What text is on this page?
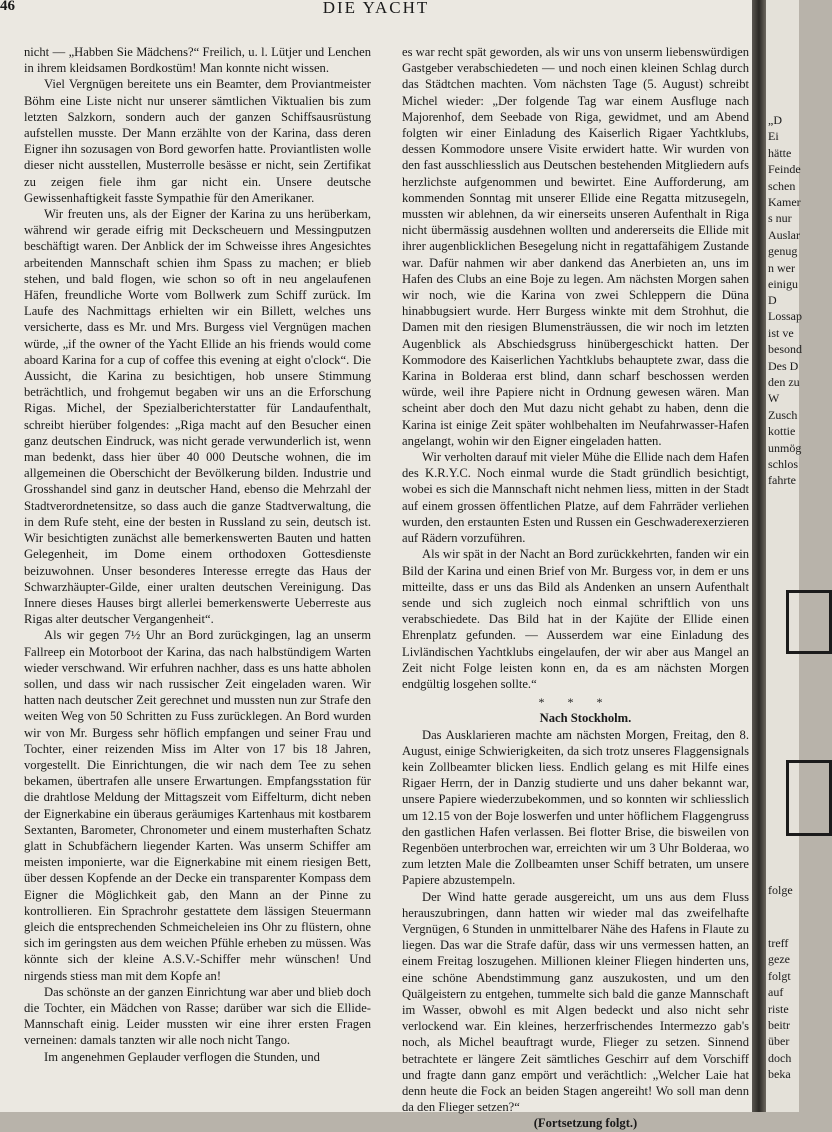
46	DIE YACHT

nicht — „Habben Sie Mädchens?“ Freilich, u. l. Lütjer und Lenchen in ihrem kleidsamen Bordkostüm! Man konnte nicht wissen.

Viel Vergnügen bereitete uns ein Beamter, dem Proviantmeister Böhm eine Liste nicht nur unserer sämtlichen Viktualien bis zum letzten Salzkorn, sondern auch der ganzen Schiffsausrüstung aufstellen musste. Der Mann erzählte von der Karina, dass deren Eigner ihn sozusagen von Bord geworfen hatte. Proviantlisten wolle dieser nicht ausstellen, Musterrolle besässe er nicht, sein Zertifikat zu zeigen fiele ihm gar nicht ein. Unsere deutsche Gewissenhaftigkeit fasste Sympathie für den Amerikaner.

Wir freuten uns, als der Eigner der Karina zu uns herüberkam, während wir gerade eifrig mit Deckscheuern und Messingputzen beschäftigt waren. Der Anblick der im Schweisse ihres Angesichtes arbeitenden Mannschaft schien ihm Spass zu machen; er blieb stehen, und bald flogen, wie schon so oft in neu angelaufenen Häfen, freundliche Worte vom Bollwerk zum Schiff zurück. Im Laufe des Nachmittags erhielten wir ein Billett, welches uns versicherte, dass es Mr. und Mrs. Burgess viel Vergnügen machen würde, „if the owner of the Yacht Ellide an his friends would come aboard Karina for a cup of coffee this evening at eight o'clock“. Die Aussicht, die Karina zu besichtigen, hob unsere Stimmung beträchtlich, und frohgemut begaben wir uns an die Erforschung Rigas. Michel, der Spezialberichterstatter für Landaufenthalt, schreibt hierüber folgendes: „Riga macht auf den Besucher einen ganz deutschen Eindruck, was nicht gerade verwunderlich ist, wenn man bedenkt, dass hier über 40 000 Deutsche wohnen, die im allgemeinen die Oberschicht der Bevölkerung bilden. Industrie und Grosshandel sind ganz in deutscher Hand, ebenso die Mehrzahl der Stadtverordnetensitze, so dass auch die ganze Stadtverwaltung, die in dem Rufe steht, eine der besten in Russland zu sein, deutsch ist. Wir besichtigten zunächst alle bemerkenswerten Bauten und hatten Gelegenheit, im Dome einem orthodoxen Gottesdienste beizuwohnen. Unser besonderes Interesse erregte das Haus der Schwarzhäupter-Gilde, einer uralten deutschen Vereinigung. Das Innere dieses Hauses birgt allerlei bemerkenswerte Ueberreste aus Rigas alter deutscher Vergangenheit“.

Als wir gegen 7½ Uhr an Bord zurückgingen, lag an unserm Fallreep ein Motorboot der Karina, das nach halbstündigem Warten wieder verschwand. Wir erfuhren nachher, dass es uns hatte abholen sollen, und dass wir nach russischer Zeit eingeladen waren. Wir hatten nach deutscher Zeit gerechnet und mussten nun zur Strafe den weiten Weg von 50 Schritten zu Fuss zurücklegen. An Bord wurden wir von Mr. Burgess sehr höflich empfangen und seiner Frau und Tochter, einer reizenden Miss im Alter von 17 bis 18 Jahren, vorgestellt. Die Einrichtungen, die wir nach dem Tee zu sehen bekamen, übertrafen alle unsere Erwartungen. Empfangsstation für die drahtlose Meldung der Mittagszeit vom Eiffelturm, dicht neben der Eignerkabine ein überaus geräumiges Kartenhaus mit kostbarem Sextanten, Barometer, Chronometer und einem musterhaften Schatz glatt in Schubfächern liegender Karten. Was unserm Schiffer am meisten imponierte, war die Eignerkabine mit einem riesigen Bett, über dessen Kopfende an der Decke ein transparenter Kompass dem Eigner die Möglichkeit gab, den Mann an der Pinne zu kontrollieren. Ein Sprachrohr gestattete dem lässigen Steuermann gleich die entsprechenden Schmeicheleien ins Ohr zu flüstern, ohne sich im geringsten aus dem weichen Pfühle erheben zu müssen. Was könnte sich der kleine A.S.V.-Schiffer mehr wünschen! Und nirgends stiess man mit dem Kopfe an!

Das schönste an der ganzen Einrichtung war aber und blieb doch die Tochter, ein Mädchen von Rasse; darüber war sich die Ellide-Mannschaft einig. Leider mussten wir eine ihrer ersten Fragen verneinen: damals tanzten wir alle noch nicht Tango.

Im angenehmen Geplauder verflogen die Stunden, und

es war recht spät geworden, als wir uns von unserm liebenswürdigen Gastgeber verabschiedeten — und noch einen kleinen Schlag durch das Städtchen machten. Vom nächsten Tage (5. August) schreibt Michel wieder: „Der folgende Tag war einem Ausfluge nach Majorenhof, dem Seebade von Riga, gewidmet, und am Abend folgten wir einer Einladung des Kaiserlich Rigaer Yachtklubs, dessen Kommodore unsere Visite erwidert hatte. Wir wurden von den fast ausschliesslich aus Deutschen bestehenden Mitgliedern aufs herzlichste aufgenommen und bewirtet. Eine Aufforderung, am kommenden Sonntag mit unserer Ellide eine Regatta mitzusegeln, mussten wir ablehnen, da wir einerseits unseren Aufenthalt in Riga nicht übermässig ausdehnen wollten und andererseits die Ellide mit ihrer augenblicklichen Besegelung nicht in regattafähigem Zustande war. Dafür nahmen wir aber dankend das Anerbieten an, uns im Hafen des Clubs an eine Boje zu legen. Am nächsten Morgen sahen wir noch, wie die Karina von zwei Schleppern die Düna hinabbugsiert wurde. Herr Burgess winkte mit dem Strohhut, die Damen mit den riesigen Blumensträussen, die wir noch im letzten Augenblick als Abschiedsgruss hinübergeschickt hatten. Der Kommodore des Kaiserlichen Yachtklubs behauptete zwar, dass die Karina in Bolderaa erst blind, dann scharf beschossen werden würde, weil ihre Papiere nicht in Ordnung gewesen wären. Man scheint aber doch den Mut dazu nicht gehabt zu haben, denn die Karina ist einige Zeit später wohlbehalten im Neufahrwasser-Hafen angelangt, wohin wir den Eigner eingeladen hatten.

Wir verholten darauf mit vieler Mühe die Ellide nach dem Hafen des K.R.Y.C. Noch einmal wurde die Stadt gründlich besichtigt, wobei es sich die Mannschaft nicht nehmen liess, mitten in der Stadt auf einem grossen öffentlichen Platze, auf dem Fahrräder verliehen wurden, den erstaunten Esten und Russen ein Geschwaderexerzieren auf Rädern vorzuführen.

Als wir spät in der Nacht an Bord zurückkehrten, fanden wir ein Bild der Karina und einen Brief von Mr. Burgess vor, in dem er uns mitteilte, dass er uns das Bild als Andenken an unsern Aufenthalt sende und sich zugleich noch einmal schriftlich von uns verabschiedete. Das Bild hat in der Kajüte der Ellide einen Ehrenplatz gefunden. — Ausserdem war eine Einladung des Livländischen Yachtklubs eingelaufen, der wir aber aus Mangel an Zeit nicht Folge leisten konn en, da es am nächsten Morgen endgültig losgehen sollte.“

* * *

Nach Stockholm.

Das Ausklarieren machte am nächsten Morgen, Freitag, den 8. August, einige Schwierigkeiten, da sich trotz unseres Flaggensignals kein Zollbeamter blicken liess. Endlich gelang es mit Hilfe eines Rigaer Herrn, der in Danzig studierte und uns daher bekannt war, unsere Papiere wiederzubekommen, und so konnten wir schliesslich um 12.15 von der Boje loswerfen und unter höflichem Flaggengruss den gastlichen Hafen verlassen. Bei flotter Brise, die bisweilen von Regenböen unterbrochen war, erreichten wir um 3 Uhr Bolderaa, wo zum letzten Male die Zollbeamten unser Schiff betraten, um unsere Papiere abzustempeln.

Der Wind hatte gerade ausgereicht, um uns aus dem Fluss herauszubringen, dann hatten wir wieder mal das zweifelhafte Vergnügen, 6 Stunden in unmittelbarer Nähe des Hafens in Flaute zu liegen. Das war die Strafe dafür, dass wir uns vermessen hatten, an einem Freitag loszugehen. Millionen kleiner Fliegen hinderten uns, eine schöne Abendstimmung ganz auszukosten, und um den Quälgeistern zu entgehen, tummelte sich bald die ganze Mannschaft im Wasser, obwohl es mit Algen bedeckt und also nicht sehr verlockend war. Ein kleines, herzerfrischendes Intermezzo gab's noch, als Michel beauftragt wurde, Flieger zu setzen. Sinnend betrachtete er längere Zeit sämtliches Geschirr auf dem Vorschiff und fragte dann ganz empört und verächtlich: „Welcher Laie hat denn heute die Fock an beiden Stagen angereiht! Wo soll man denn da den Flieger setzen?“

(Fortsetzung folgt.)

„D
Ei
hätte
Feinde
schen
Kamer
s nur
Auslar
genug
n wer
einigu
D
Lossap
ist ve
besond
Des D
den zu
W
Zusch
kottie
unmög
schlos
fahrte
folge
treff
geze
folgt
auf
riste
beitr
über
doch
beka
